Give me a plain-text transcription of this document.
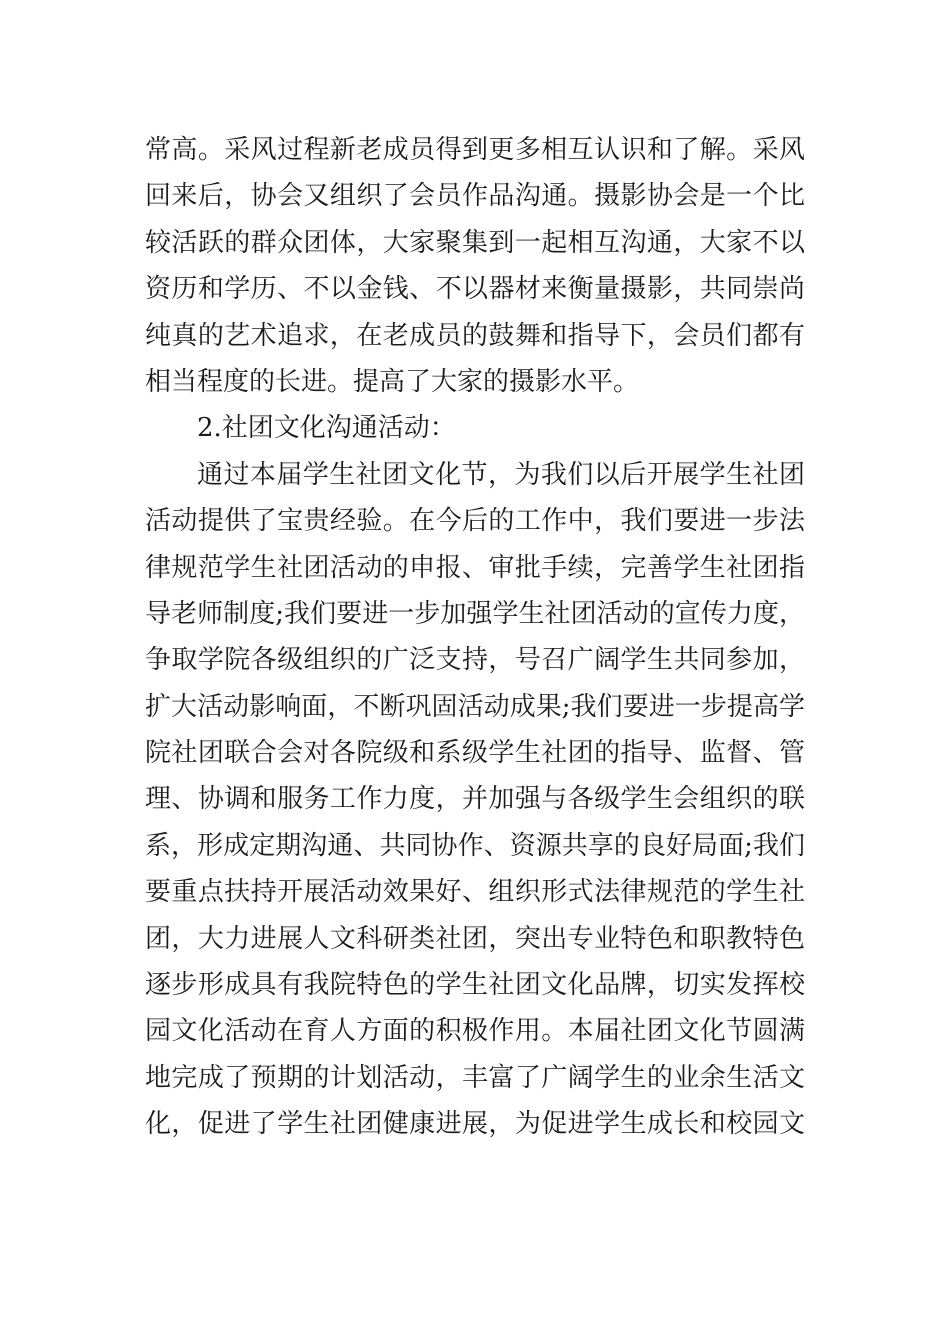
常高。采风过程新老成员得到更多相互认识和了解。采风
回来后，协会又组织了会员作品沟通。摄影协会是一个比
较活跃的群众团体，大家聚集到一起相互沟通，大家不以
资历和学历、不以金钱、不以器材来衡量摄影，共同崇尚
纯真的艺术追求，在老成员的鼓舞和指导下，会员们都有
相当程度的长进。提高了大家的摄影水平。
2.社团文化沟通活动：
通过本届学生社团文化节，为我们以后开展学生社团
活动提供了宝贵经验。在今后的工作中，我们要进一步法
律规范学生社团活动的申报、审批手续，完善学生社团指
导老师制度;我们要进一步加强学生社团活动的宣传力度，
争取学院各级组织的广泛支持，号召广阔学生共同参加，
扩大活动影响面，不断巩固活动成果;我们要进一步提高学
院社团联合会对各院级和系级学生社团的指导、监督、管
理、协调和服务工作力度，并加强与各级学生会组织的联
系，形成定期沟通、共同协作、资源共享的良好局面;我们
要重点扶持开展活动效果好、组织形式法律规范的学生社
团，大力进展人文科研类社团，突出专业特色和职教特色
逐步形成具有我院特色的学生社团文化品牌，切实发挥校
园文化活动在育人方面的积极作用。本届社团文化节圆满
地完成了预期的计划活动，丰富了广阔学生的业余生活文
化，促进了学生社团健康进展，为促进学生成长和校园文
